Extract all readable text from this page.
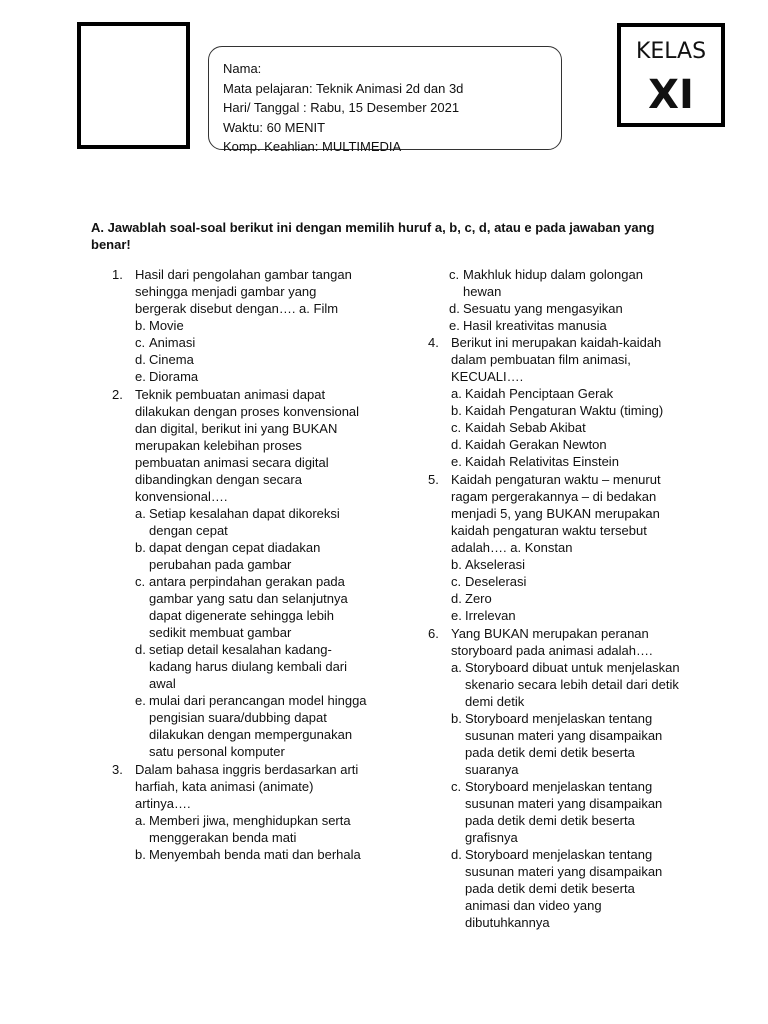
Nama:
Mata pelajaran: Teknik Animasi 2d dan 3d
Hari/ Tanggal : Rabu, 15 Desember 2021
Waktu: 60 MENIT
Komp. Keahlian: MULTIMEDIA
KELAS
XI
A. Jawablah soal-soal berikut ini dengan memilih huruf a, b, c, d, atau e pada jawaban yang benar!
1. Hasil dari pengolahan gambar tangan sehingga menjadi gambar yang bergerak disebut dengan…. a. Film
b. Movie
c. Animasi
d. Cinema
e. Diorama
2. Teknik pembuatan animasi dapat dilakukan dengan proses konvensional dan digital, berikut ini yang BUKAN merupakan kelebihan proses pembuatan animasi secara digital dibandingkan dengan secara konvensional….
a. Setiap kesalahan dapat dikoreksi dengan cepat
b. dapat dengan cepat diadakan perubahan pada gambar
c. antara perpindahan gerakan pada gambar yang satu dan selanjutnya dapat digenerate sehingga lebih sedikit membuat gambar
d. setiap detail kesalahan kadang-kadang harus diulang kembali dari awal
e. mulai dari perancangan model hingga pengisian suara/dubbing dapat dilakukan dengan mempergunakan satu personal komputer
3. Dalam bahasa inggris berdasarkan arti harfiah, kata animasi (animate) artinya….
a. Memberi jiwa, menghidupkan serta menggerakan benda mati
b. Menyembah benda mati dan berhala
c. Makhluk hidup dalam golongan hewan
d. Sesuatu yang mengasyikan
e. Hasil kreativitas manusia
4. Berikut ini merupakan kaidah-kaidah dalam pembuatan film animasi, KECUALI….
a. Kaidah Penciptaan Gerak
b. Kaidah Pengaturan Waktu (timing)
c. Kaidah Sebab Akibat
d. Kaidah Gerakan Newton
e. Kaidah Relativitas Einstein
5. Kaidah pengaturan waktu – menurut ragam pergerakannya – di bedakan menjadi 5, yang BUKAN merupakan kaidah pengaturan waktu tersebut adalah…. a. Konstan
b. Akselerasi
c. Deselerasi
d. Zero
e. Irrelevan
6. Yang BUKAN merupakan peranan storyboard pada animasi adalah….
a. Storyboard dibuat untuk menjelaskan skenario secara lebih detail dari detik demi detik
b. Storyboard menjelaskan tentang susunan materi yang disampaikan pada detik demi detik beserta suaranya
c. Storyboard menjelaskan tentang susunan materi yang disampaikan pada detik demi detik beserta grafisnya
d. Storyboard menjelaskan tentang susunan materi yang disampaikan pada detik demi detik beserta animasi dan video yang dibutuhkannya
